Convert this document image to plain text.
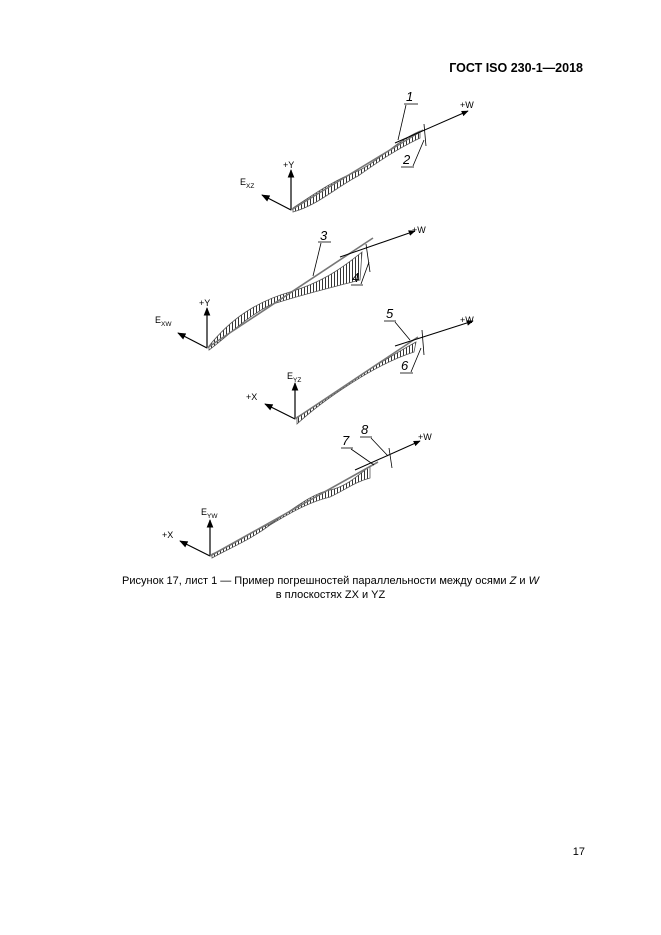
ГОСТ ISO 230-1—2018
+Y
$E_{XZ}$
+W
1
2
+Y
$E_{XW}$
+W
3
4
$E_{YZ}$
+X
+W
5
6
$E_{YW}$
+X
+W
7
8
Рисунок 17, лист 1 — Пример погрешностей параллельности между осями Z и W
в плоскостях ZX и YZ
17
